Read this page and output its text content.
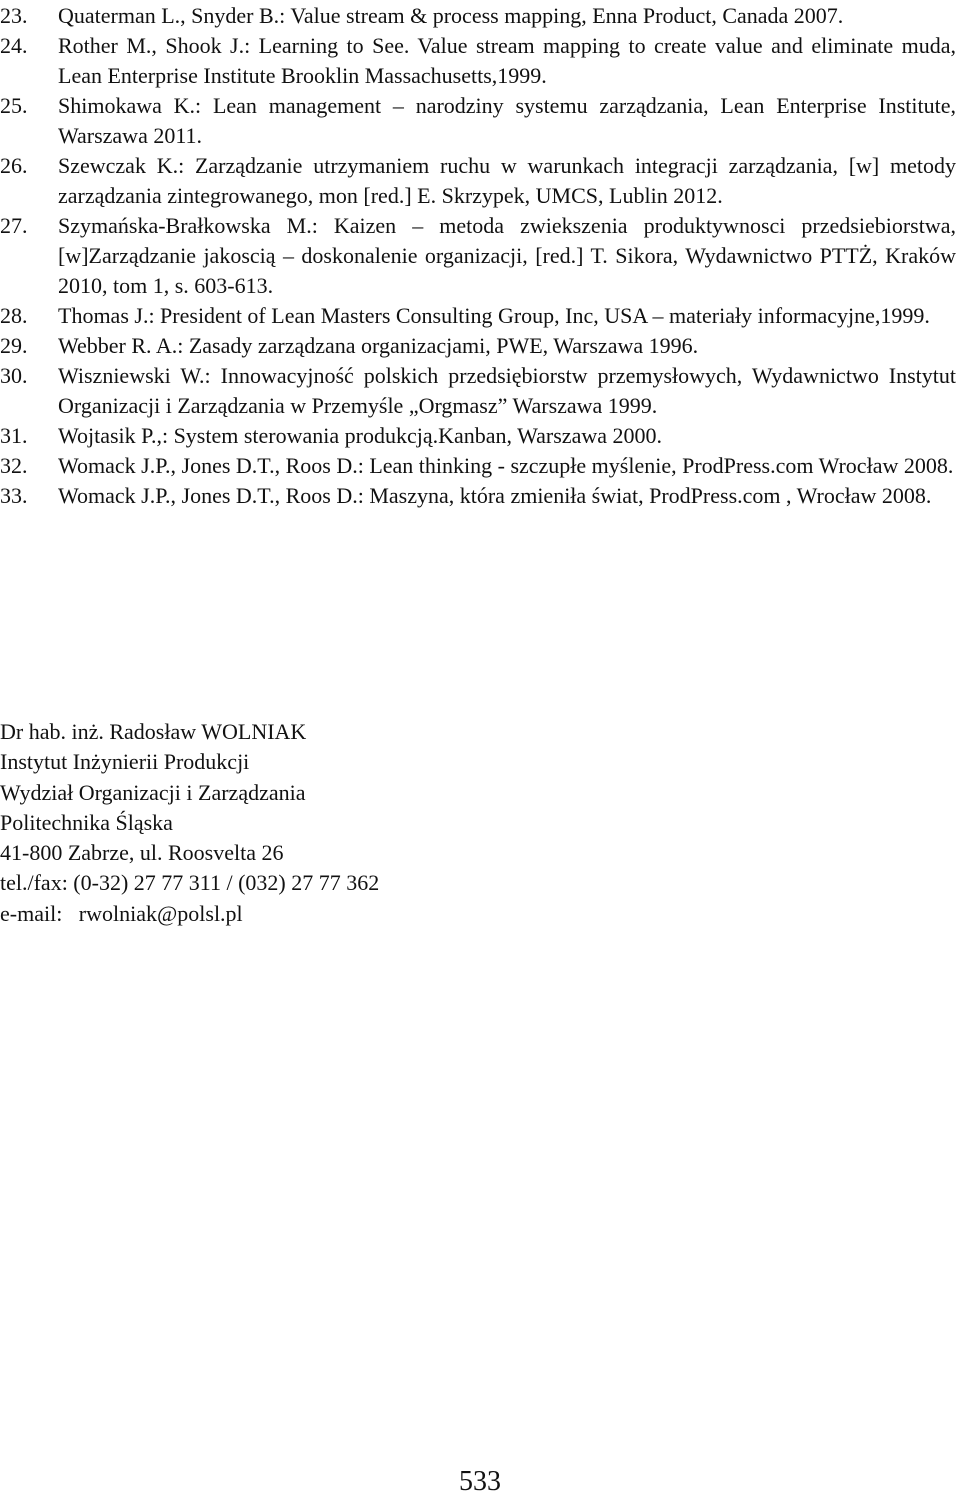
23. Quaterman L., Snyder B.: Value stream & process mapping, Enna Product, Canada 2007.
24. Rother M., Shook J.: Learning to See. Value stream mapping to create value and eliminate muda, Lean Enterprise Institute Brooklin Massachusetts,1999.
25. Shimokawa K.: Lean management – narodziny systemu zarządzania, Lean Enterprise Institute, Warszawa 2011.
26. Szewczak K.: Zarządzanie utrzymaniem ruchu w warunkach integracji zarządzania, [w] metody zarządzania zintegrowanego, mon [red.] E. Skrzypek, UMCS, Lublin 2012.
27. Szymańska-Brałkowska M.: Kaizen – metoda zwiekszenia produktywnosci przedsiebiorstwa, [w]Zarządzanie jakoscią – doskonalenie organizacji, [red.] T. Sikora, Wydawnictwo PTTŻ, Kraków 2010, tom 1, s. 603-613.
28. Thomas J.: President of Lean Masters Consulting Group, Inc, USA – materiały informacyjne,1999.
29. Webber R. A.: Zasady zarządzana organizacjami, PWE, Warszawa 1996.
30. Wiszniewski W.: Innowacyjność polskich przedsiębiorstw przemysłowych, Wydawnictwo Instytut Organizacji i Zarządzania w Przemyśle „Orgmasz” Warszawa 1999.
31. Wojtasik P.,: System sterowania produkcją.Kanban, Warszawa 2000.
32. Womack J.P., Jones D.T., Roos D.: Lean thinking - szczupłe myślenie, ProdPress.com Wrocław 2008.
33. Womack J.P., Jones D.T., Roos D.: Maszyna, która zmieniła świat, ProdPress.com , Wrocław 2008.
Dr hab. inż. Radosław WOLNIAK
Instytut Inżynierii Produkcji
Wydział Organizacji i Zarządzania
Politechnika Śląska
41-800 Zabrze, ul. Roosvelta 26
tel./fax: (0-32) 27 77 311 / (032) 27 77 362
e-mail:   rwolniak@polsl.pl
533
